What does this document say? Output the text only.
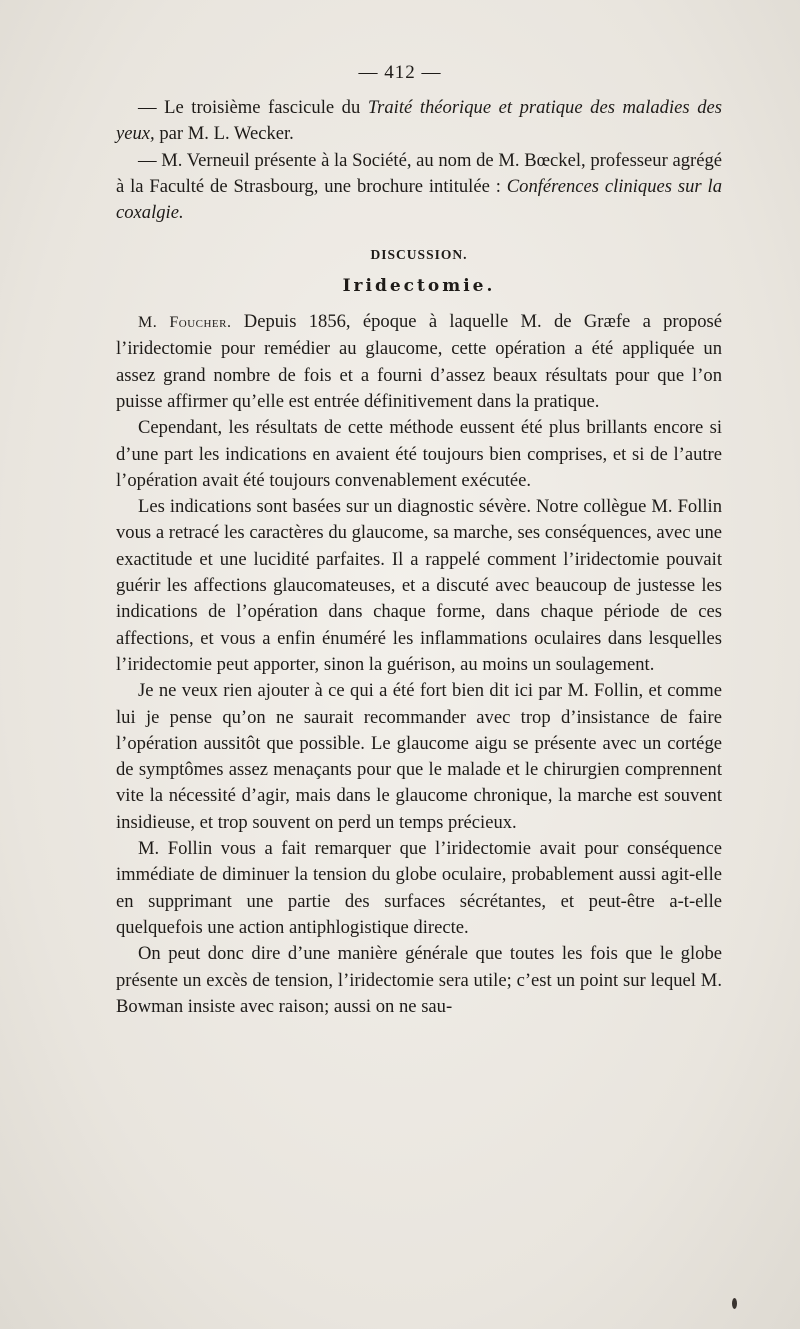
— 412 —

— Le troisième fascicule du Traité théorique et pratique des maladies des yeux, par M. L. Wecker.

— M. Verneuil présente à la Société, au nom de M. Bœckel, professeur agrégé à la Faculté de Strasbourg, une brochure intitulée : Conférences cliniques sur la coxalgie.

DISCUSSION.
Iridectomie.

M. Foucher. Depuis 1856, époque à laquelle M. de Græfe a proposé l’iridectomie pour remédier au glaucome, cette opération a été appliquée un assez grand nombre de fois et a fourni d’assez beaux résultats pour que l’on puisse affirmer qu’elle est entrée définitivement dans la pratique.

Cependant, les résultats de cette méthode eussent été plus brillants encore si d’une part les indications en avaient été toujours bien comprises, et si de l’autre l’opération avait été toujours convenablement exécutée.

Les indications sont basées sur un diagnostic sévère. Notre collègue M. Follin vous a retracé les caractères du glaucome, sa marche, ses conséquences, avec une exactitude et une lucidité parfaites. Il a rappelé comment l’iridectomie pouvait guérir les affections glaucomateuses, et a discuté avec beaucoup de justesse les indications de l’opération dans chaque forme, dans chaque période de ces affections, et vous a enfin énuméré les inflammations oculaires dans lesquelles l’iridectomie peut apporter, sinon la guérison, au moins un soulagement.

Je ne veux rien ajouter à ce qui a été fort bien dit ici par M. Follin, et comme lui je pense qu’on ne saurait recommander avec trop d’insistance de faire l’opération aussitôt que possible. Le glaucome aigu se présente avec un cortége de symptômes assez menaçants pour que le malade et le chirurgien comprennent vite la nécessité d’agir, mais dans le glaucome chronique, la marche est souvent insidieuse, et trop souvent on perd un temps précieux.

M. Follin vous a fait remarquer que l’iridectomie avait pour conséquence immédiate de diminuer la tension du globe oculaire, probablement aussi agit-elle en supprimant une partie des surfaces sécrétantes, et peut-être a-t-elle quelquefois une action antiphlogistique directe.

On peut donc dire d’une manière générale que toutes les fois que le globe présente un excès de tension, l’iridectomie sera utile; c’est un point sur lequel M. Bowman insiste avec raison; aussi on ne sau-
